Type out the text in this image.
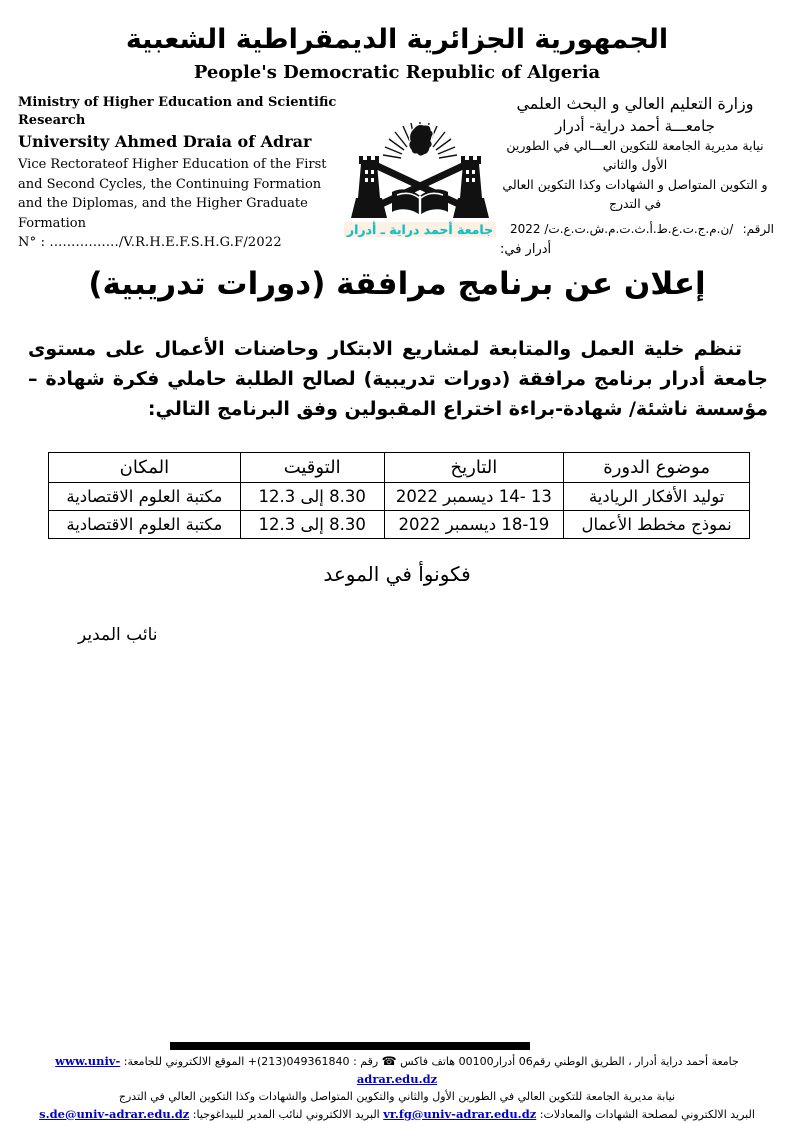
الجمهورية الجزائرية الديمقراطية الشعبية
People's Democratic Republic of Algeria
Ministry of Higher Education and Scientific Research
University Ahmed Draia of Adrar
Vice Rectorateof Higher Education of the First and Second Cycles, the Continuing Formation and the Diplomas, and the Higher Graduate Formation
N° : ................/V.R.H.E.F.S.H.G.F/2022
جامعة أحمد دراية ـ أدرار
وزارة التعليم العالي و البحث العلمي
جامعـــة أحمد دراية- أدرار
نيابة مديرية الجامعة للتكوين العـــالي في الطورين الأول والثاني
و التكوين المتواصل و الشهادات وكذا التكوين العالي في التدرج
الرقم:
/ن.م.ج.ت.ع.ط.أ.ث.ت.م.ش.ت.ع.ت/ 2022
أدرار في:
إعلان عن برنامج مرافقة (دورات تدريبية)
تنظم خلية العمل والمتابعة لمشاريع الابتكار وحاضنات الأعمال على مستوى جامعة أدرار برنامج مرافقة (دورات تدريبية) لصالح الطلبة حاملي فكرة شهادة –مؤسسة ناشئة/ شهادة-براءة اختراع المقبولين وفق البرنامج التالي:
موضوع الدورة	التاريخ	التوقيت	المكان
توليد الأفكار الريادية	13 -14 ديسمبر 2022	8.30 إلى 12.3	مكتبة العلوم الاقتصادية
نموذج مخطط الأعمال	18-19 ديسمبر 2022	8.30 إلى 12.3	مكتبة العلوم الاقتصادية
فكونوأ في الموعد
نائب المدير
جامعة أحمد دراية أدرار ، الطريق الوطني رقم06 أدرار00100 هاتف فاكس ☎ رقم : +(213)049361840 الموقع الالكتروني للجامعة: www.univ-adrar.edu.dz
نيابة مديرية الجامعة للتكوين العالي في الطورين الأول والثاني والتكوين المتواصل والشهادات وكذا التكوين العالي في التدرج
البريد الالكتروني لمصلحة الشهادات والمعادلات: vr.fg@univ-adrar.edu.dz البريد الالكتروني لنائب المدير للبيداغوجيا: s.de@univ-adrar.edu.dz
